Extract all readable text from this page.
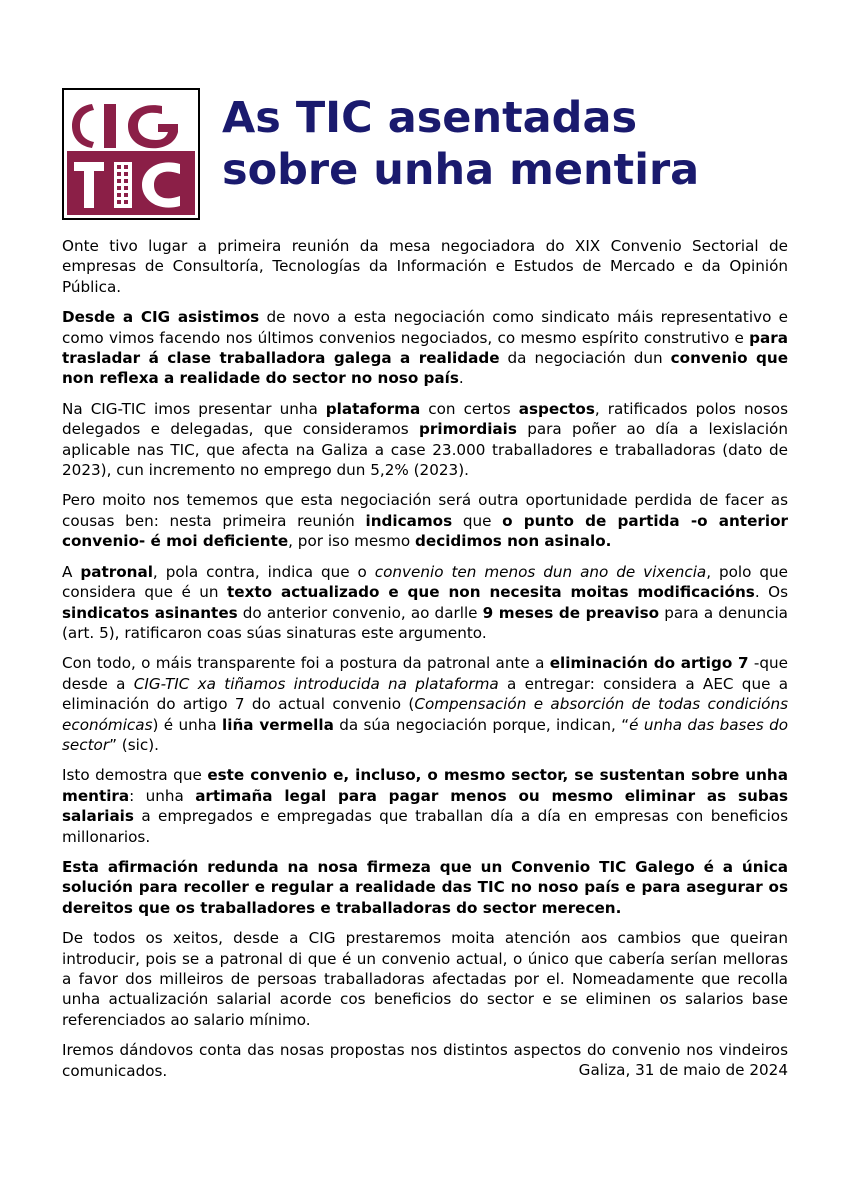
As TIC asentadas
sobre unha mentira

Onte tivo lugar a primeira reunión da mesa negociadora do XIX Convenio Sectorial de empresas de Consultoría, Tecnologías da Información e Estudos de Mercado e da Opinión Pública.

Desde a CIG asistimos de novo a esta negociación como sindicato máis representativo e como vimos facendo nos últimos convenios negociados, co mesmo espírito construtivo e para trasladar á clase traballadora galega a realidade da negociación dun convenio que non reflexa a realidade do sector no noso país.

Na CIG-TIC imos presentar unha plataforma con certos aspectos, ratificados polos nosos delegados e delegadas, que consideramos primordiais para poñer ao día a lexislación aplicable nas TIC, que afecta na Galiza a case 23.000 traballadores e traballadoras (dato de 2023), cun incremento no emprego dun 5,2% (2023).

Pero moito nos tememos que esta negociación será outra oportunidade perdida de facer as cousas ben: nesta primeira reunión indicamos que o punto de partida -o anterior convenio- é moi deficiente, por iso mesmo decidimos non asinalo.

A patronal, pola contra, indica que o convenio ten menos dun ano de vixencia, polo que considera que é un texto actualizado e que non necesita moitas modificacións. Os sindicatos asinantes do anterior convenio, ao darlle 9 meses de preaviso para a denuncia (art. 5), ratificaron coas súas sinaturas este argumento.

Con todo, o máis transparente foi a postura da patronal ante a eliminación do artigo 7 -que desde a CIG-TIC xa tiñamos introducida na plataforma a entregar: considera a AEC que a eliminación do artigo 7 do actual convenio (Compensación e absorción de todas condicións económicas) é unha liña vermella da súa negociación porque, indican, “é unha das bases do sector” (sic).

Isto demostra que este convenio e, incluso, o mesmo sector, se sustentan sobre unha mentira: unha artimaña legal para pagar menos ou mesmo eliminar as subas salariais a empregados e empregadas que traballan día a día en empresas con beneficios millonarios.

Esta afirmación redunda na nosa firmeza que un Convenio TIC Galego é a única solución para recoller e regular a realidade das TIC no noso país e para asegurar os dereitos que os traballadores e traballadoras do sector merecen.

De todos os xeitos, desde a CIG prestaremos moita atención aos cambios que queiran introducir, pois se a patronal di que é un convenio actual, o único que cabería serían melloras a favor dos milleiros de persoas traballadoras afectadas por el. Nomeadamente que recolla unha actualización salarial acorde cos beneficios do sector e se eliminen os salarios base referenciados ao salario mínimo.

Iremos dándovos conta das nosas propostas nos distintos aspectos do convenio nos vindeiros comunicados.	Galiza, 31 de maio de 2024
